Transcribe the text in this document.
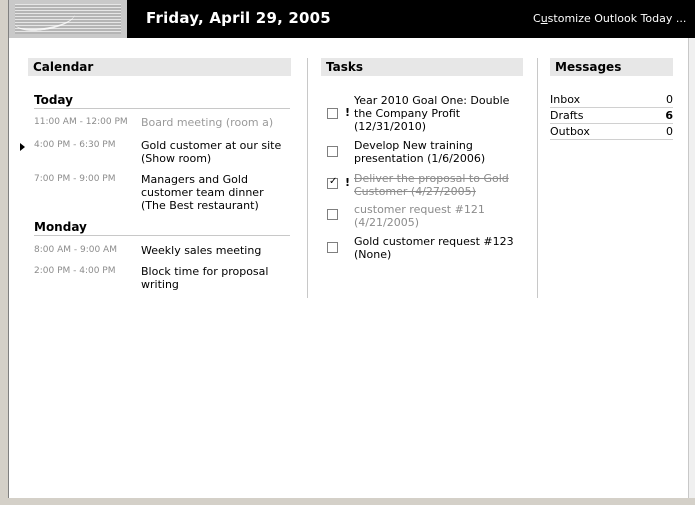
Friday, April 29, 2005	Customize Outlook Today ...
Calendar
Today
11:00 AM - 12:00 PM Board meeting (room a)
4:00 PM - 6:30 PM Gold customer at our site (Show room)
7:00 PM - 9:00 PM Managers and Gold customer team dinner (The Best restaurant)
Monday
8:00 AM - 9:00 AM Weekly sales meeting
2:00 PM - 4:00 PM Block time for proposal writing
Tasks
!
Year 2010 Goal One: Double the Company Profit (12/31/2010)
Develop New training presentation (1/6/2006)
✓
! Deliver the proposal to Gold Customer (4/27/2005)
customer request #121 (4/21/2005)
Gold customer request #123 (None)
Messages
Inbox	0
Drafts	6
Outbox	0
